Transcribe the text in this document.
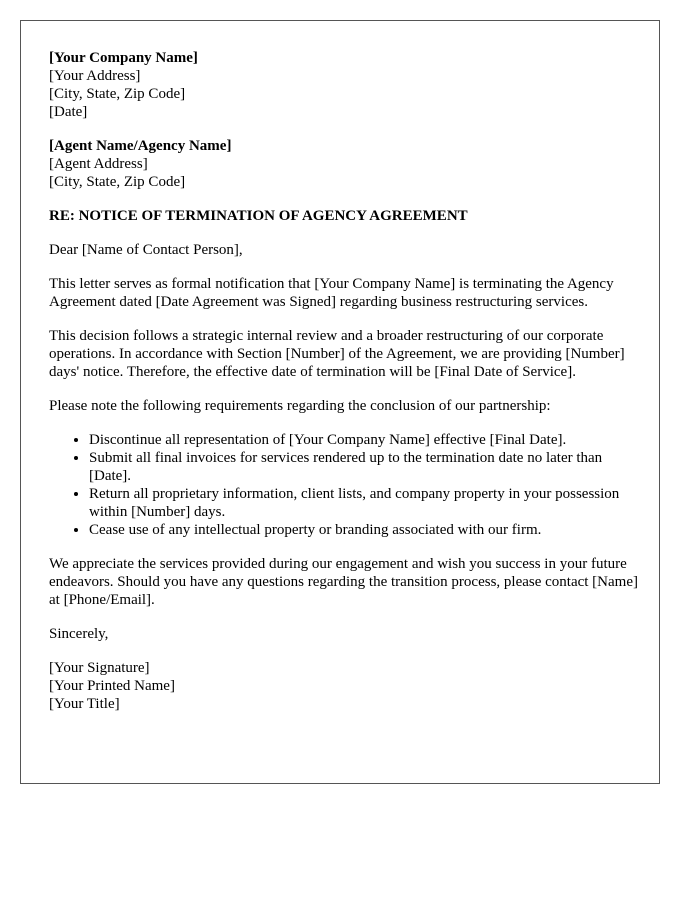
[Your Company Name]
[Your Address]
[City, State, Zip Code]
[Date]
[Agent Name/Agency Name]
[Agent Address]
[City, State, Zip Code]
RE: NOTICE OF TERMINATION OF AGENCY AGREEMENT
Dear [Name of Contact Person],
This letter serves as formal notification that [Your Company Name] is terminating the Agency Agreement dated [Date Agreement was Signed] regarding business restructuring services.
This decision follows a strategic internal review and a broader restructuring of our corporate operations. In accordance with Section [Number] of the Agreement, we are providing [Number] days' notice. Therefore, the effective date of termination will be [Final Date of Service].
Please note the following requirements regarding the conclusion of our partnership:
• Discontinue all representation of [Your Company Name] effective [Final Date].
• Submit all final invoices for services rendered up to the termination date no later than [Date].
• Return all proprietary information, client lists, and company property in your possession within [Number] days.
• Cease use of any intellectual property or branding associated with our firm.
We appreciate the services provided during our engagement and wish you success in your future endeavors. Should you have any questions regarding the transition process, please contact [Name] at [Phone/Email].
Sincerely,
[Your Signature]
[Your Printed Name]
[Your Title]
